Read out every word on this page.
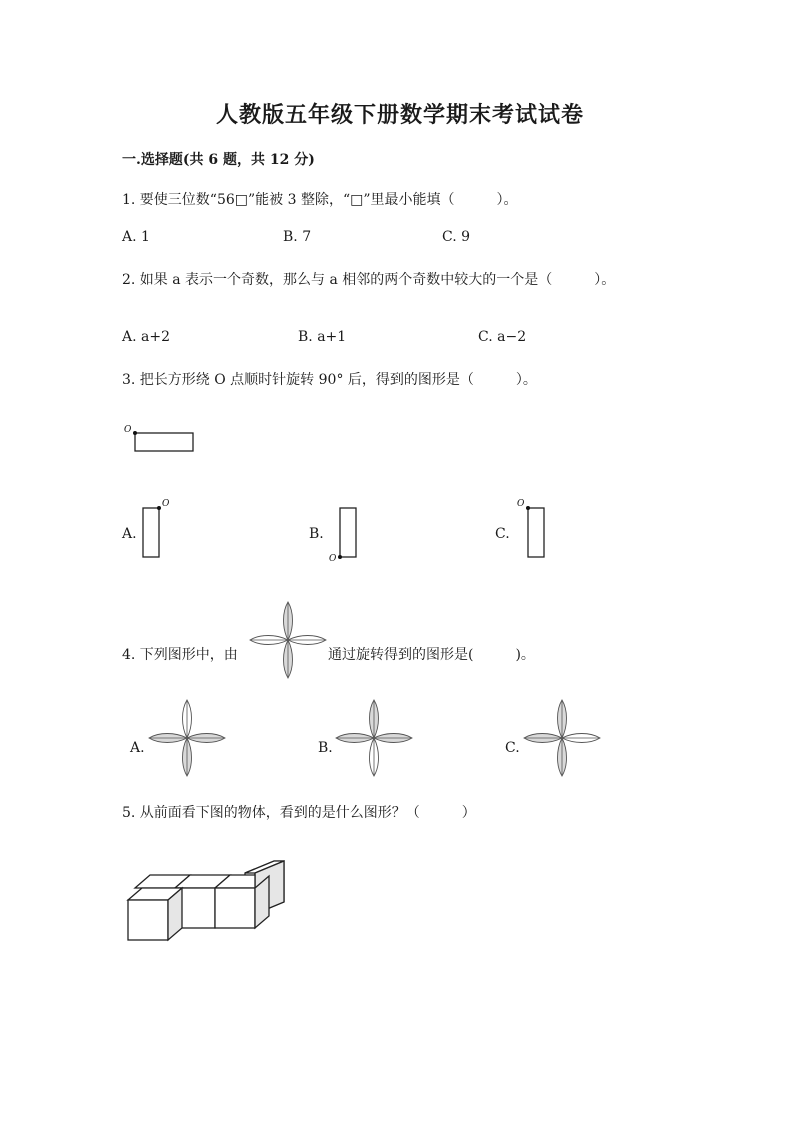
人教版五年级下册数学期末考试试卷
一.选择题(共 6 题，共 12 分)
1. 要使三位数“56□”能被 3 整除，“□”里最小能填（　　　）。
A. 1	B. 7	C. 9
2. 如果 a 表示一个奇数，那么与 a 相邻的两个奇数中较大的一个是（　　　）。
A. a+2	B. a+1	C. a−2
3. 把长方形绕 O 点顺时针旋转 90° 后，得到的图形是（　　　）。
O
A.
O
B.
O
C.
O
4. 下列图形中，由	通过旋转得到的图形是(　　　)。
A.	B.	C.
5. 从前面看下图的物体，看到的是什么图形？（　　　）
